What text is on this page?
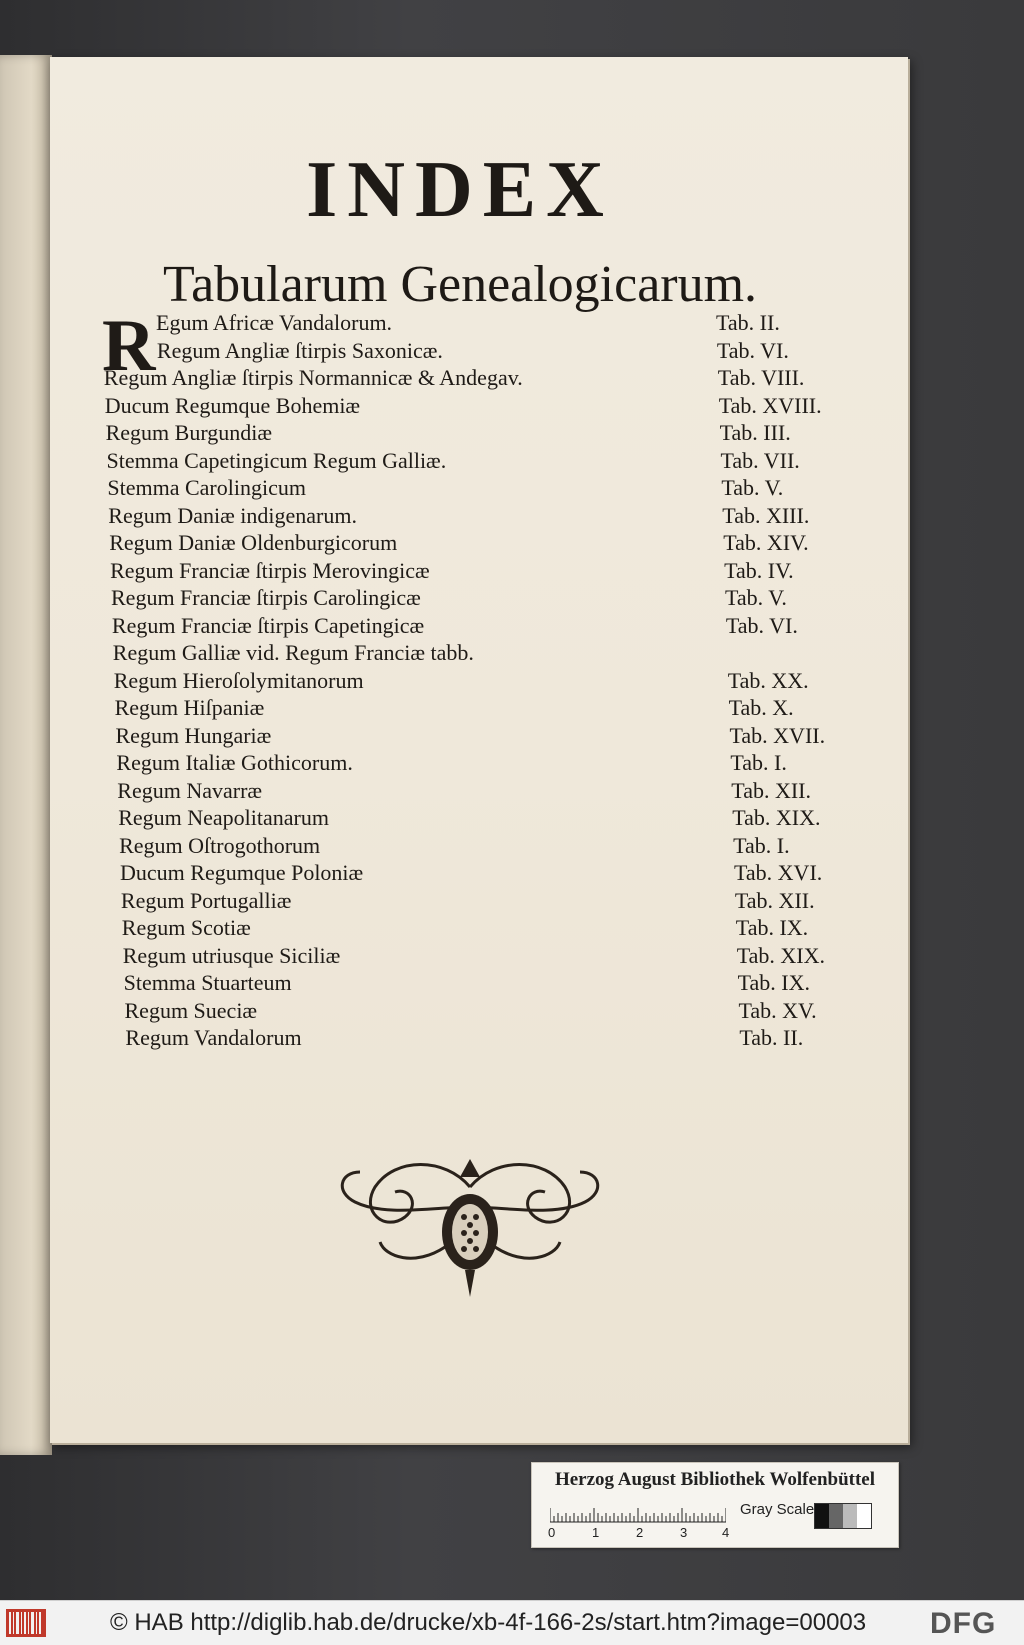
INDEX
Tabularum Genealogicarum.
R Egum Africæ Vandalorum.	Tab. II.
Regum Angliæ ſtirpis Saxonicæ.	Tab. VI.
Regum Angliæ ſtirpis Normannicæ & Andegav.	Tab. VIII.
Ducum Regumque Bohemiæ	Tab. XVIII.
Regum Burgundiæ	Tab. III.
Stemma Capetingicum Regum Galliæ.	Tab. VII.
Stemma Carolingicum	Tab. V.
Regum Daniæ indigenarum.	Tab. XIII.
Regum Daniæ Oldenburgicorum	Tab. XIV.
Regum Franciæ ſtirpis Merovingicæ	Tab. IV.
Regum Franciæ ſtirpis Carolingicæ	Tab. V.
Regum Franciæ ſtirpis Capetingicæ	Tab. VI.
Regum Galliæ vid. Regum Franciæ tabb.
Regum Hieroſolymitanorum	Tab. XX.
Regum Hiſpaniæ	Tab. X.
Regum Hungariæ	Tab. XVII.
Regum Italiæ Gothicorum.	Tab. I.
Regum Navarræ	Tab. XII.
Regum Neapolitanarum	Tab. XIX.
Regum Oſtrogothorum	Tab. I.
Ducum Regumque Poloniæ	Tab. XVI.
Regum Portugalliæ	Tab. XII.
Regum Scotiæ	Tab. IX.
Regum utriusque Siciliæ	Tab. XIX.
Stemma Stuarteum	Tab. IX.
Regum Sueciæ	Tab. XV.
Regum Vandalorum	Tab. II.
Herzog August Bibliothek Wolfenbüttel
0	1	2	3	4
Gray Scale
© HAB http://diglib.hab.de/drucke/xb-4f-166-2s/start.htm?image=00003 DFG
